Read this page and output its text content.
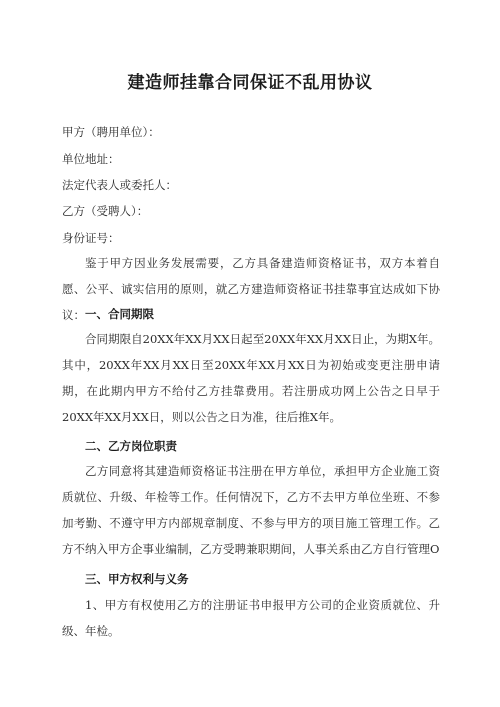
建造师挂靠合同保证不乱用协议
甲方（聘用单位）：
单位地址：
法定代表人或委托人：
乙方（受聘人）：
身份证号：
鉴于甲方因业务发展需要，乙方具备建造师资格证书，双方本着自愿、公平、诚实信用的原则，就乙方建造师资格证书挂靠事宜达成如下协议： 一、合同期限
合同期限自20XX年XX月XX日起至20XX年XX月XX日止，为期X年。其中，20XX年XX月XX日至20XX年XX月XX日为初始或变更注册申请期，在此期内甲方不给付乙方挂靠费用。若注册成功网上公告之日早于20XX年XX月XX日，则以公告之日为准，往后推X年。
二、乙方岗位职责
乙方同意将其建造师资格证书注册在甲方单位，承担甲方企业施工资质就位、升级、年检等工作。任何情况下，乙方不去甲方单位坐班、不参加考勤、不遵守甲方内部规章制度、不参与甲方的项目施工管理工作。乙方不纳入甲方企事业编制，乙方受聘兼职期间，人事关系由乙方自行管理O
三、甲方权利与义务
1、甲方有权使用乙方的注册证书申报甲方公司的企业资质就位、升级、年检。
